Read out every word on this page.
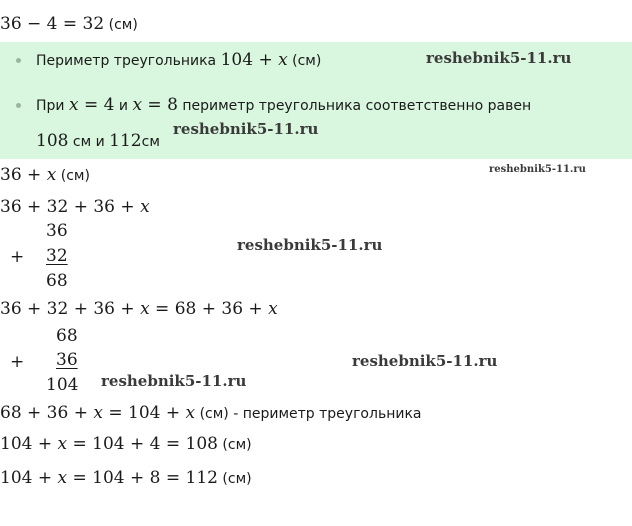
36 − 4 = 32 (см)
Периметр треугольника 104 + x (см)
При x = 4 и x = 8 периметр треугольника соответственно равен
108 см и 112см
36 + x (см)
36 + 32 + 36 + x
36
+ 32
68
36 + 32 + 36 + x = 68 + 36 + x
68
+ 36
104
68 + 36 + x = 104 + x (см) - периметр треугольника
104 + x = 104 + 4 = 108 (см)
104 + x = 104 + 8 = 112 (см)
reshebnik5-11.ru
reshebnik5-11.ru
reshebnik5-11.ru
reshebnik5-11.ru
reshebnik5-11.ru
reshebnik5-11.ru
